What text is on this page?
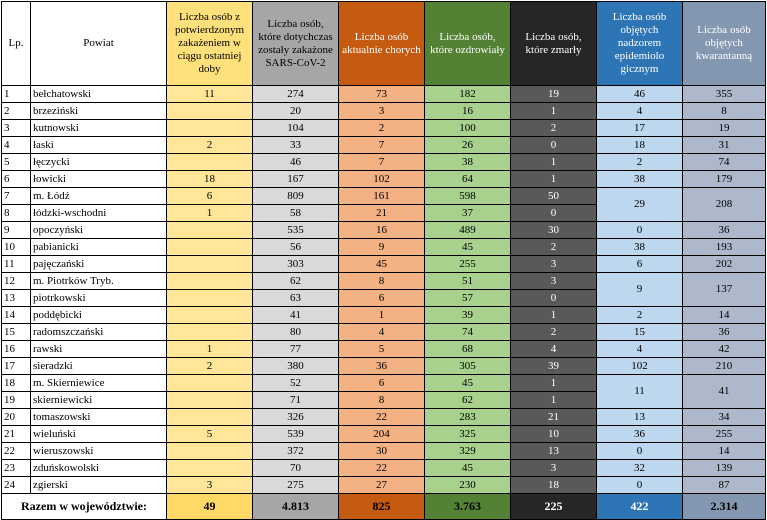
Lp.	Powiat	Liczba osób z potwierdzonym zakażeniem w ciągu ostatniej doby	Liczba osób, które dotychczas zostały zakażone SARS-CoV-2	Liczba osób aktualnie chorych	Liczba osób, które ozdrowiały	Liczba osób, które zmarły	Liczba osób objętych nadzorem epidemiolo gicznym	Liczba osób objętych kwarantanną
1	bełchatowski	11	274	73	182	19	46	355
2	brzeziński		20	3	16	1	4	8
3	kutnowski		104	2	100	2	17	19
4	łaski	2	33	7	26	0	18	31
5	łęczycki		46	7	38	1	2	74
6	łowicki	18	167	102	64	1	38	179
7	m. Łódź	6	809	161	598	50	29	208
8	łódzki-wschodni	1	58	21	37	0		
9	opoczyński		535	16	489	30	0	36
10	pabianicki		56	9	45	2	38	193
11	pajęczański		303	45	255	3	6	202
12	m. Piotrków Tryb.		62	8	51	3	9	137
13	piotrkowski		63	6	57	0		
14	poddębicki		41	1	39	1	2	14
15	radomszczański		80	4	74	2	15	36
16	rawski	1	77	5	68	4	4	42
17	sieradzki	2	380	36	305	39	102	210
18	m. Skierniewice		52	6	45	1	11	41
19	skierniewicki		71	8	62	1		
20	tomaszowski		326	22	283	21	13	34
21	wieluński	5	539	204	325	10	36	255
22	wieruszowski		372	30	329	13	0	14
23	zduńskowolski		70	22	45	3	32	139
24	zgierski	3	275	27	230	18	0	87
Razem w województwie:		49	4.813	825	3.763	225	422	2.314
